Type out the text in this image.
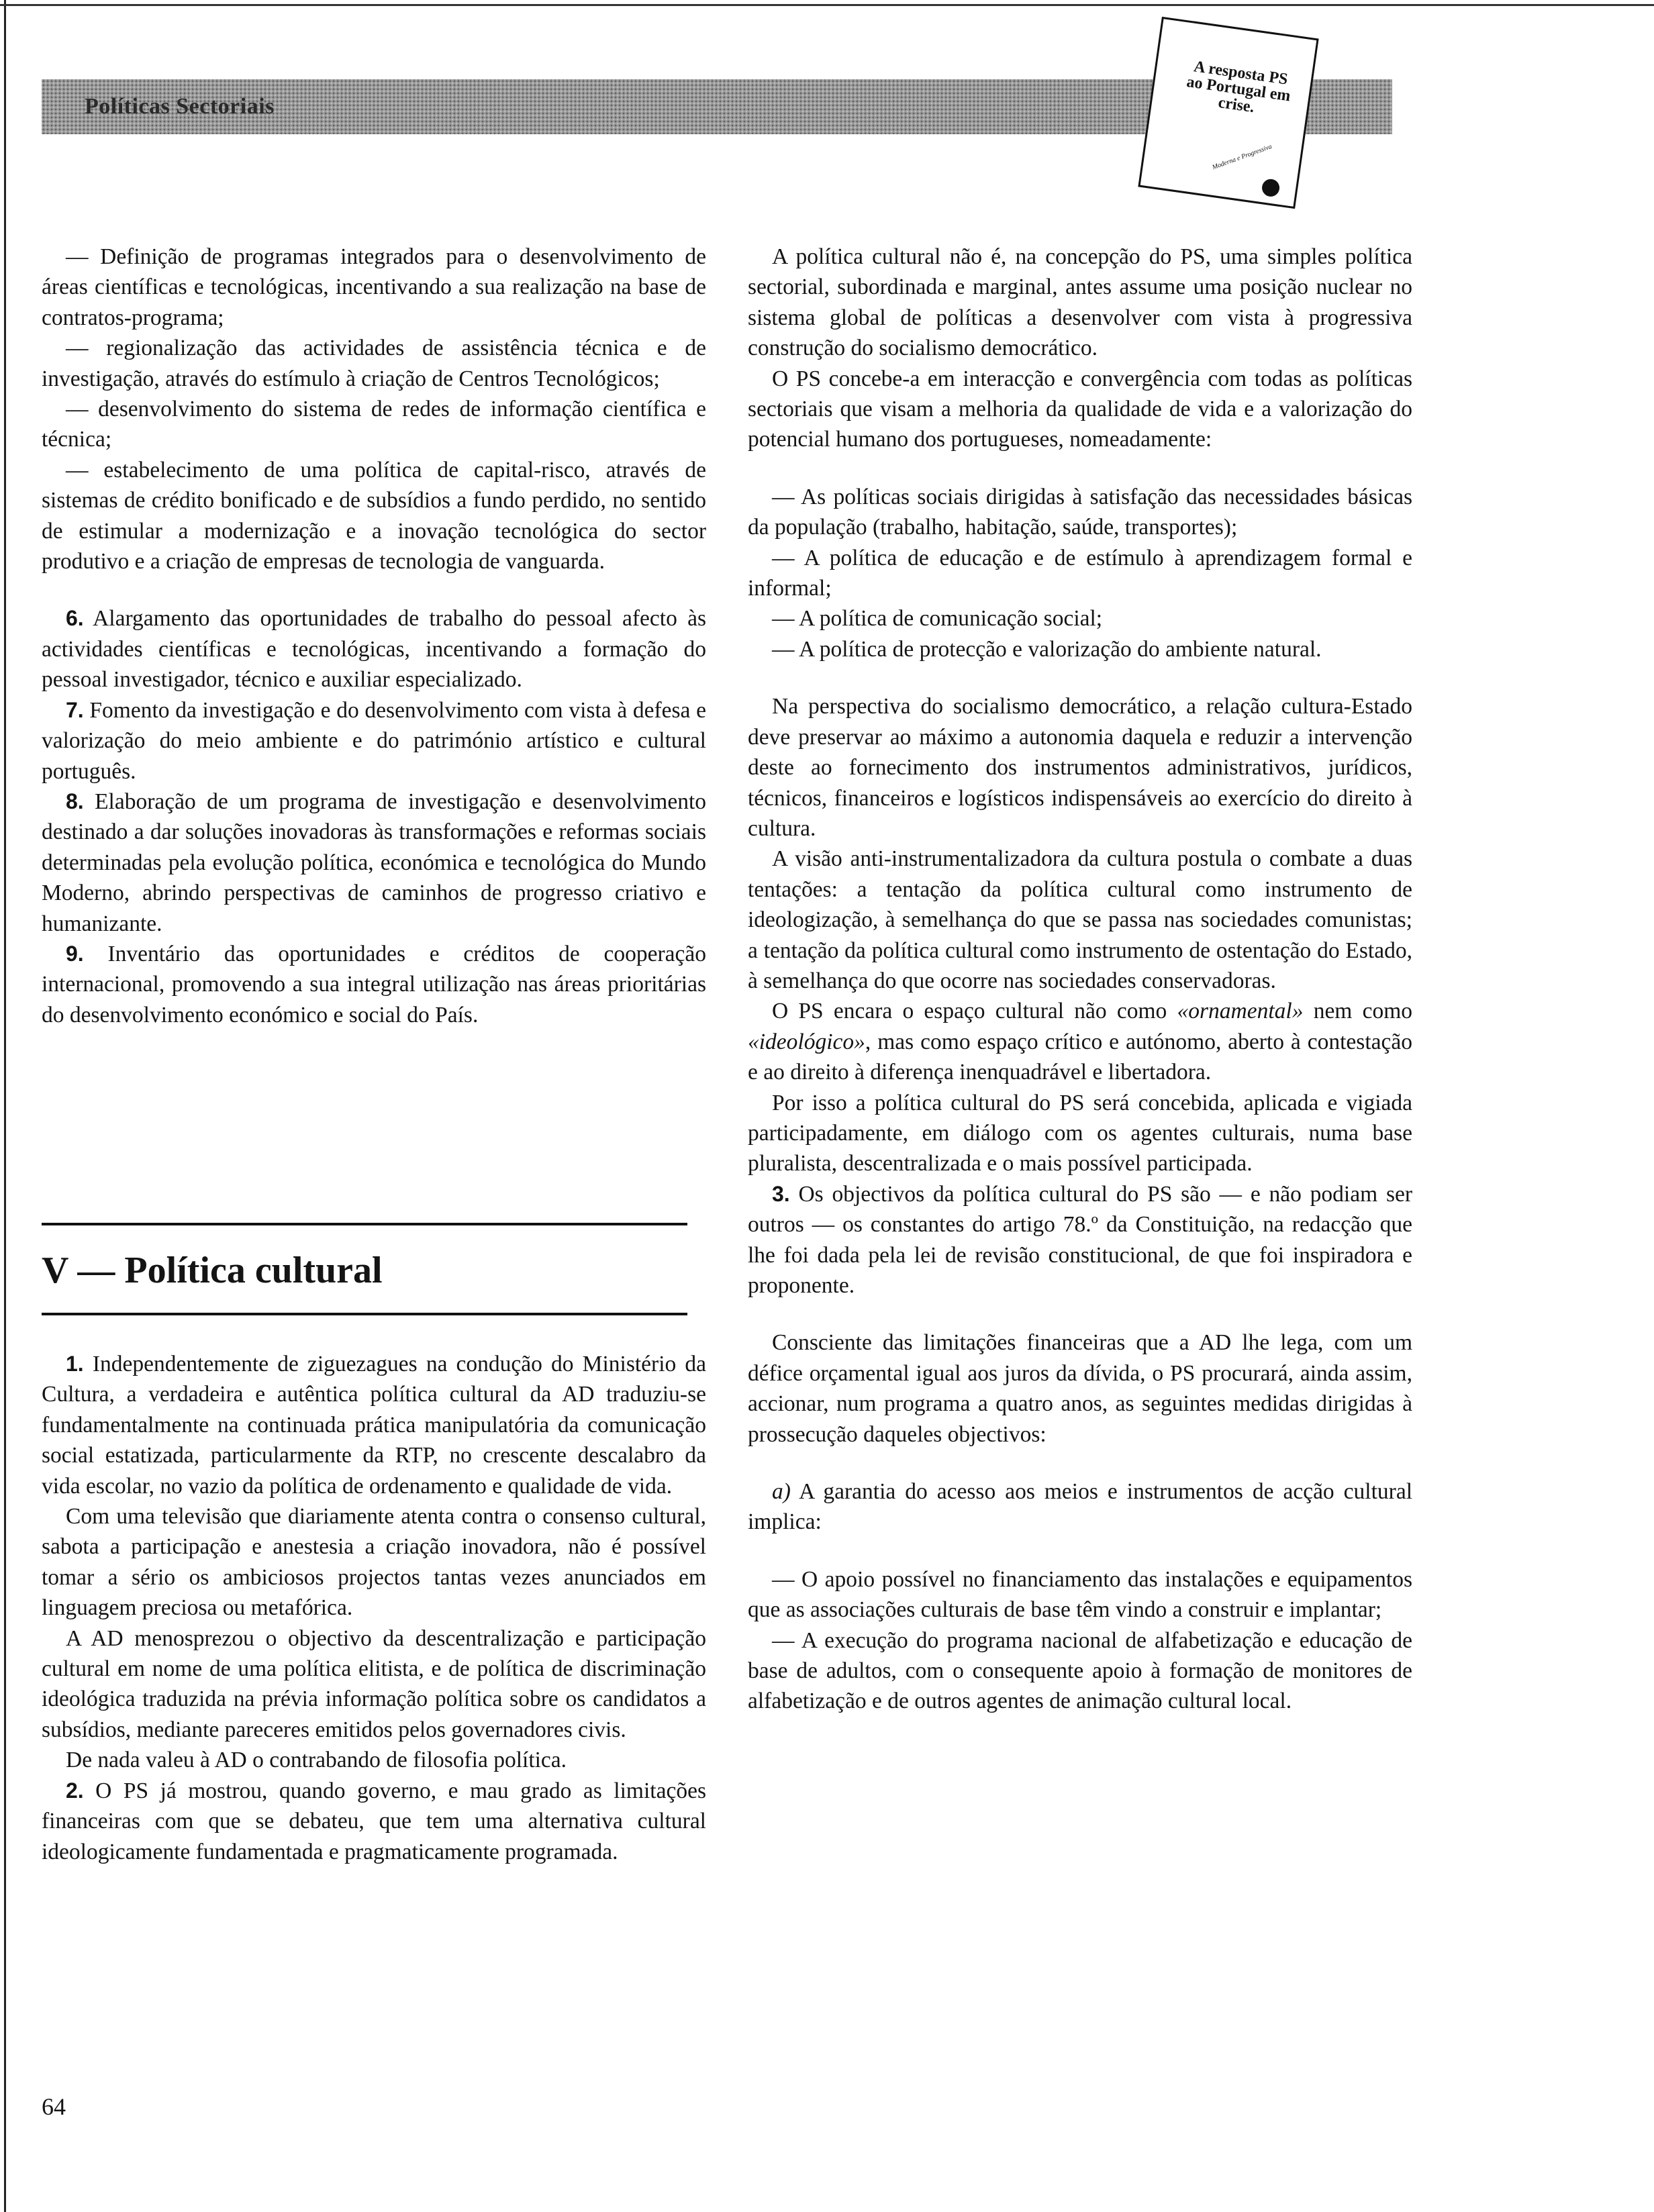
Políticas Sectoriais
A resposta PS ao Portugal em crise.
Moderna e Progressiva

— Definição de programas integrados para o desenvolvimento de áreas científicas e tecnológicas, incentivando a sua realização na base de contratos-programa;

— regionalização das actividades de assistência técnica e de investigação, através do estímulo à criação de Centros Tecnológicos;

— desenvolvimento do sistema de redes de informação científica e técnica;

— estabelecimento de uma política de capital-risco, através de sistemas de crédito bonificado e de subsídios a fundo perdido, no sentido de estimular a modernização e a inovação tecnológica do sector produtivo e a criação de empresas de tecnologia de vanguarda.

6. Alargamento das oportunidades de trabalho do pessoal afecto às actividades científicas e tecnológicas, incentivando a formação do pessoal investigador, técnico e auxiliar especializado.

7. Fomento da investigação e do desenvolvimento com vista à defesa e valorização do meio ambiente e do património artístico e cultural português.

8. Elaboração de um programa de investigação e desenvolvimento destinado a dar soluções inovadoras às transformações e reformas sociais determinadas pela evolução política, económica e tecnológica do Mundo Moderno, abrindo perspectivas de caminhos de progresso criativo e humanizante.

9. Inventário das oportunidades e créditos de cooperação internacional, promovendo a sua integral utilização nas áreas prioritárias do desenvolvimento económico e social do País.

V — Política cultural

1. Independentemente de ziguezagues na condução do Ministério da Cultura, a verdadeira e autêntica política cultural da AD traduziu-se fundamentalmente na continuada prática manipulatória da comunicação social estatizada, particularmente da RTP, no crescente descalabro da vida escolar, no vazio da política de ordenamento e qualidade de vida.

Com uma televisão que diariamente atenta contra o consenso cultural, sabota a participação e anestesia a criação inovadora, não é possível tomar a sério os ambiciosos projectos tantas vezes anunciados em linguagem preciosa ou metafórica.

A AD menosprezou o objectivo da descentralização e participação cultural em nome de uma política elitista, e de política de discriminação ideológica traduzida na prévia informação política sobre os candidatos a subsídios, mediante pareceres emitidos pelos governadores civis.

De nada valeu à AD o contrabando de filosofia política.

2. O PS já mostrou, quando governo, e mau grado as limitações financeiras com que se debateu, que tem uma alternativa cultural ideologicamente fundamentada e pragmaticamente programada.

64

A política cultural não é, na concepção do PS, uma simples política sectorial, subordinada e marginal, antes assume uma posição nuclear no sistema global de políticas a desenvolver com vista à progressiva construção do socialismo democrático.

O PS concebe-a em interacção e convergência com todas as políticas sectoriais que visam a melhoria da qualidade de vida e a valorização do potencial humano dos portugueses, nomeadamente:

— As políticas sociais dirigidas à satisfação das necessidades básicas da população (trabalho, habitação, saúde, transportes);

— A política de educação e de estímulo à aprendizagem formal e informal;

— A política de comunicação social;

— A política de protecção e valorização do ambiente natural.

Na perspectiva do socialismo democrático, a relação cultura-Estado deve preservar ao máximo a autonomia daquela e reduzir a intervenção deste ao fornecimento dos instrumentos administrativos, jurídicos, técnicos, financeiros e logísticos indispensáveis ao exercício do direito à cultura.

A visão anti-instrumentalizadora da cultura postula o combate a duas tentações: a tentação da política cultural como instrumento de ideologização, à semelhança do que se passa nas sociedades comunistas; a tentação da política cultural como instrumento de ostentação do Estado, à semelhança do que ocorre nas sociedades conservadoras.

O PS encara o espaço cultural não como «ornamental» nem como «ideológico», mas como espaço crítico e autónomo, aberto à contestação e ao direito à diferença inenquadrável e libertadora.

Por isso a política cultural do PS será concebida, aplicada e vigiada participadamente, em diálogo com os agentes culturais, numa base pluralista, descentralizada e o mais possível participada.

3. Os objectivos da política cultural do PS são — e não podiam ser outros — os constantes do artigo 78.º da Constituição, na redacção que lhe foi dada pela lei de revisão constitucional, de que foi inspiradora e proponente.

Consciente das limitações financeiras que a AD lhe lega, com um défice orçamental igual aos juros da dívida, o PS procurará, ainda assim, accionar, num programa a quatro anos, as seguintes medidas dirigidas à prossecução daqueles objectivos:

a) A garantia do acesso aos meios e instrumentos de acção cultural implica:

— O apoio possível no financiamento das instalações e equipamentos que as associações culturais de base têm vindo a construir e implantar;

— A execução do programa nacional de alfabetização e educação de base de adultos, com o consequente apoio à formação de monitores de alfabetização e de outros agentes de animação cultural local.
